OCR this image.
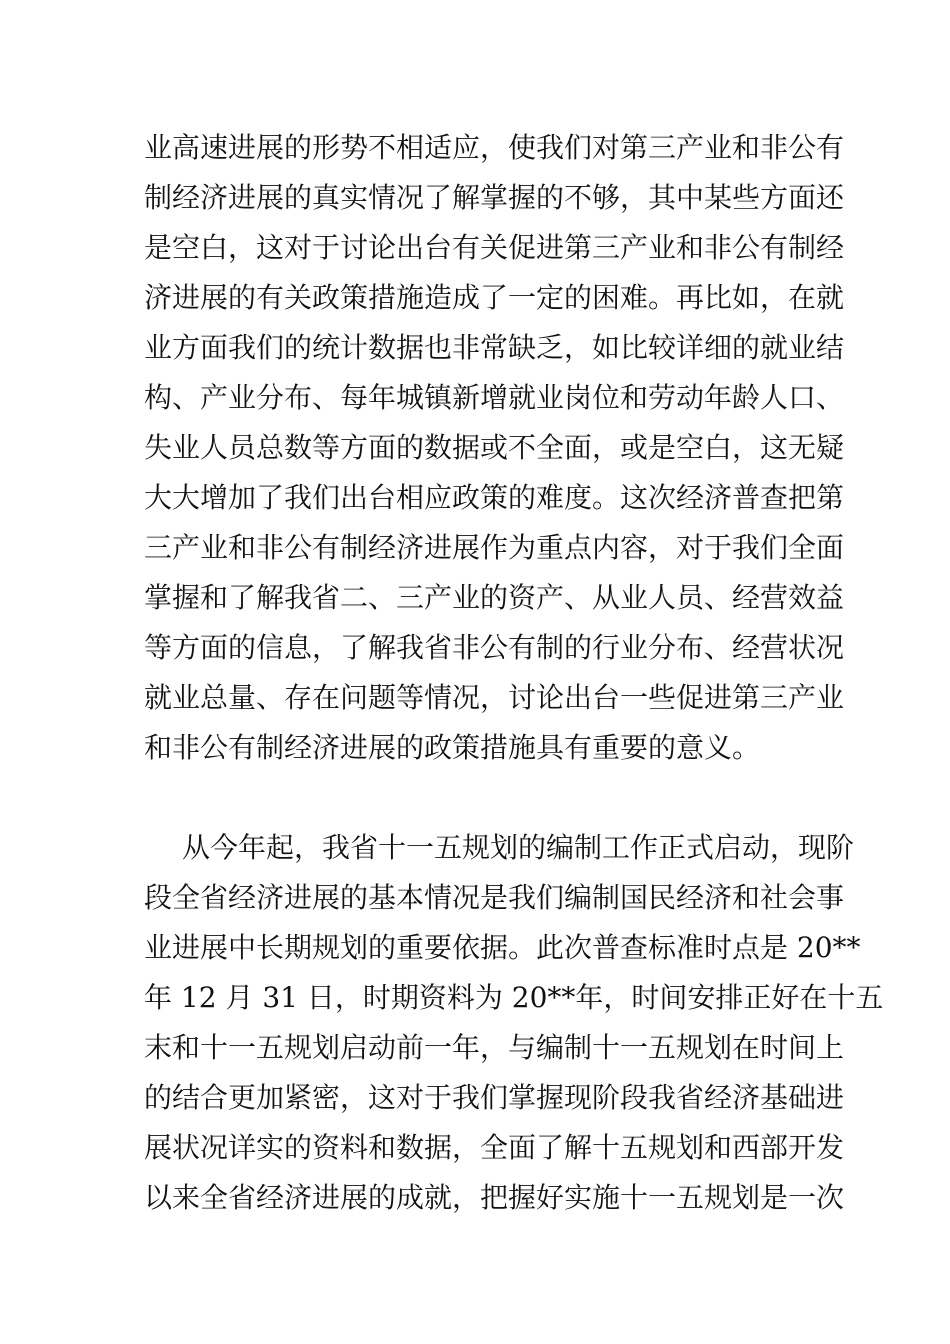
业高速进展的形势不相适应，使我们对第三产业和非公有
制经济进展的真实情况了解掌握的不够，其中某些方面还
是空白，这对于讨论出台有关促进第三产业和非公有制经
济进展的有关政策措施造成了一定的困难。再比如，在就
业方面我们的统计数据也非常缺乏，如比较详细的就业结
构、产业分布、每年城镇新增就业岗位和劳动年龄人口、
失业人员总数等方面的数据或不全面，或是空白，这无疑
大大增加了我们出台相应政策的难度。这次经济普查把第
三产业和非公有制经济进展作为重点内容，对于我们全面
掌握和了解我省二、三产业的资产、从业人员、经营效益
等方面的信息，了解我省非公有制的行业分布、经营状况
就业总量、存在问题等情况，讨论出台一些促进第三产业
和非公有制经济进展的政策措施具有重要的意义。
从今年起，我省十一五规划的编制工作正式启动，现阶
段全省经济进展的基本情况是我们编制国民经济和社会事
业进展中长期规划的重要依据。此次普查标准时点是 20**
年 12 月 31 日，时期资料为 20**年，时间安排正好在十五
末和十一五规划启动前一年，与编制十一五规划在时间上
的结合更加紧密，这对于我们掌握现阶段我省经济基础进
展状况详实的资料和数据，全面了解十五规划和西部开发
以来全省经济进展的成就，把握好实施十一五规划是一次
